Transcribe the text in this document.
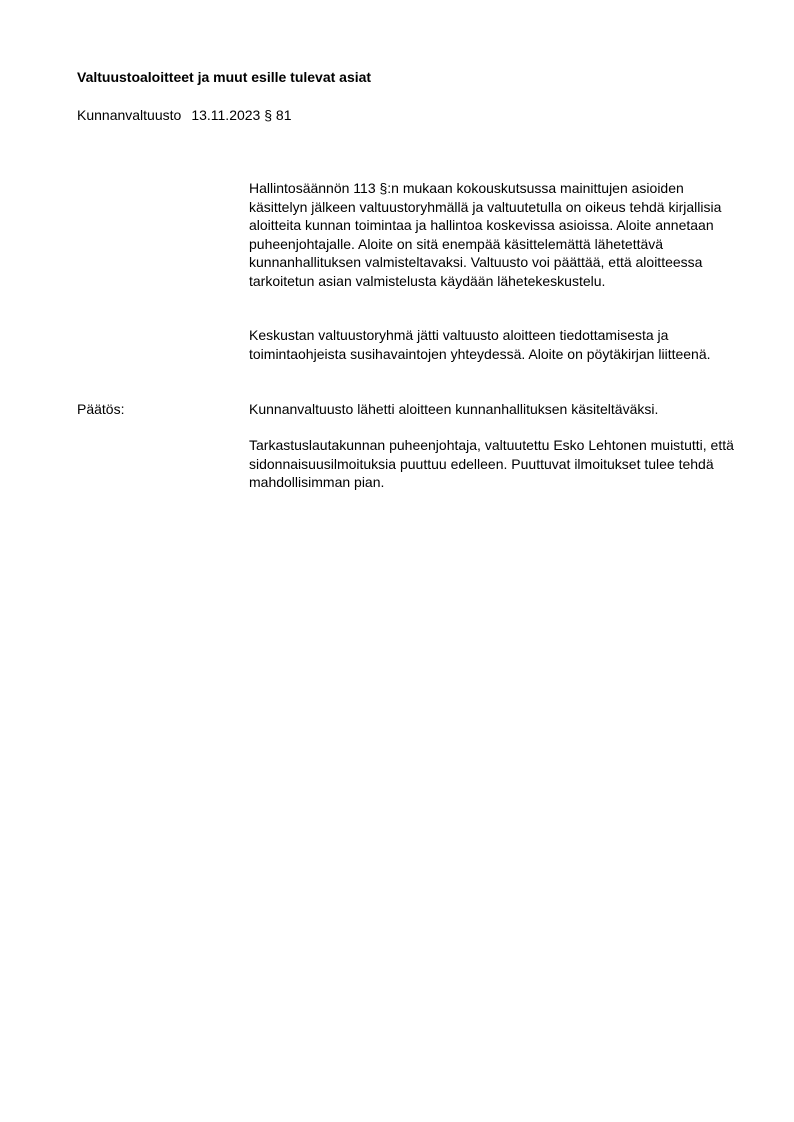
Valtuustoaloitteet ja muut esille tulevat asiat
Kunnanvaltuusto 13.11.2023 § 81
Hallintosäännön 113 §:n mukaan kokouskutsussa mainittujen asioiden käsittelyn jälkeen valtuustoryhmällä ja valtuutetulla on oikeus tehdä kirjallisia aloitteita kunnan toimintaa ja hallintoa koskevissa asioissa. Aloite annetaan puheenjohtajalle. Aloite on sitä enempää käsittelemättä lähetettävä kunnanhallituksen valmisteltavaksi. Valtuusto voi päättää, että aloitteessa tarkoitetun asian valmistelusta käydään lähetekeskustelu.
Keskustan valtuustoryhmä jätti valtuusto aloitteen tiedottamisesta ja toimintaohjeista susihavaintojen yhteydessä. Aloite on pöytäkirjan liitteenä.
Päätös:	Kunnanvaltuusto lähetti aloitteen kunnanhallituksen käsiteltäväksi.
Tarkastuslautakunnan puheenjohtaja, valtuutettu Esko Lehtonen muistutti, että sidonnaisuusilmoituksia puuttuu edelleen. Puuttuvat ilmoitukset tulee tehdä mahdollisimman pian.
